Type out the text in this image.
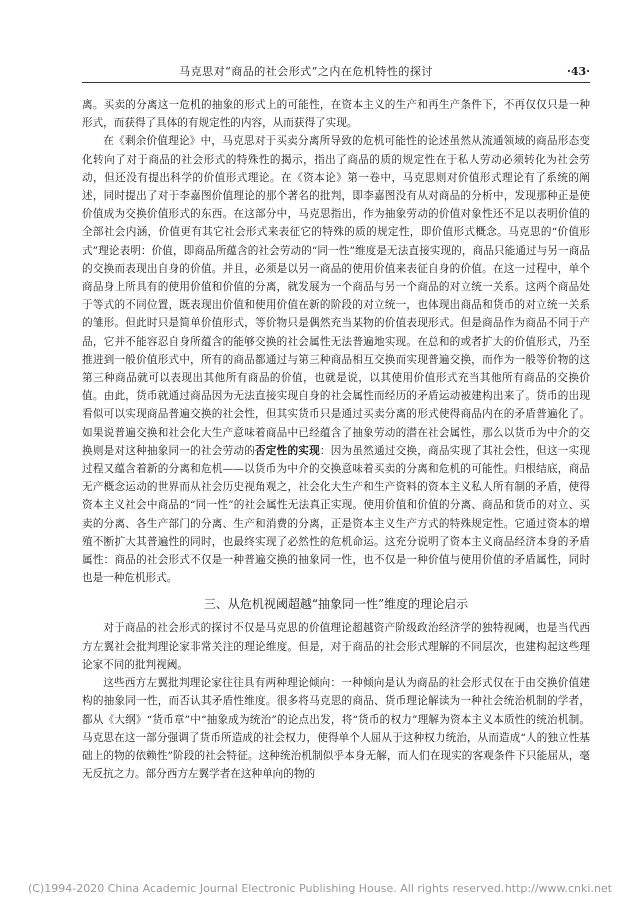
马克思对“商品的社会形式”之内在危机特性的探讨	·43·

离。买卖的分离这一危机的抽象的形式上的可能性，在资本主义的生产和再生产条件下，不再仅仅只是一种形式，而获得了具体的有规定性的内容，从而获得了实现。

在《剩余价值理论》中，马克思对于买卖分离所导致的危机可能性的论述虽然从流通领域的商品形态变化转向了对于商品的社会形式的特殊性的揭示，指出了商品的质的规定性在于私人劳动必须转化为社会劳动，但还没有提出科学的价值形式理论。在《资本论》第一卷中，马克思则对价值形式理论有了系统的阐述，同时提出了对于李嘉图价值理论的那个著名的批判，即李嘉图没有从对商品的分析中，发现那种正是使价值成为交换价值形式的东西。在这部分中，马克思指出，作为抽象劳动的价值对象性还不足以表明价值的全部社会内涵，价值更有其它社会形式来表征它的特殊的质的规定性，即价值形式概念。马克思的“价值形式”理论表明：价值，即商品所蕴含的社会劳动的“同一性”维度是无法直接实现的，商品只能通过与另一商品的交换而表现出自身的价值。并且，必须是以另一商品的使用价值来表征自身的价值。在这一过程中，单个商品身上所具有的使用价值和价值的分离，就发展为一个商品与另一个商品的对立统一关系。这两个商品处于等式的不同位置，既表现出价值和使用价值在新的阶段的对立统一，也体现出商品和货币的对立统一关系的雏形。但此时只是简单价值形式，等价物只是偶然充当某物的价值表现形式。但是商品作为商品不同于产品，它并不能容忍自身所蕴含的能够交换的社会属性无法普遍地实现。在总和的或者扩大的价值形式，乃至推进到一般价值形式中，所有的商品都通过与第三种商品相互交换而实现普遍交换，而作为一般等价物的这第三种商品就可以表现出其他所有商品的价值，也就是说，以其使用价值形式充当其他所有商品的交换价值。由此，货币就通过商品因为无法直接实现自身的社会属性而经历的矛盾运动被建构出来了。货币的出现看似可以实现商品普遍交换的社会性，但其实货币只是通过买卖分离的形式使得商品内在的矛盾普遍化了。如果说普遍交换和社会化大生产意味着商品中已经蕴含了抽象劳动的潜在社会属性，那么以货币为中介的交换则是对这种抽象同一的社会劳动的否定性的实现：因为虽然通过交换，商品实现了其社会性，但这一实现过程又蕴含着新的分离和危机——以货币为中介的交换意味着买卖的分离和危机的可能性。归根结底，商品无产概念运动的世界而从社会历史视角观之，社会化大生产和生产资料的资本主义私人所有制的矛盾，使得资本主义社会中商品的“同一性”的社会属性无法真正实现。使用价值和价值的分离、商品和货币的对立、买卖的分离、各生产部门的分离、生产和消费的分离，正是资本主义生产方式的特殊规定性。它通过资本的增殖不断扩大其普遍性的同时，也最终实现了必然性的危机命运。这充分说明了资本主义商品经济本身的矛盾属性：商品的社会形式不仅是一种普遍交换的抽象同一性，也不仅是一种价值与使用价值的矛盾属性，同时也是一种危机形式。

三、从危机视阈超越“抽象同一性”维度的理论启示

对于商品的社会形式的探讨不仅是马克思的价值理论超越资产阶级政治经济学的独特视阈，也是当代西方左翼社会批判理论家非常关注的理论维度。但是，对于商品的社会形式理解的不同层次，也建构起这些理论家不同的批判视阈。

这些西方左翼批判理论家往往具有两种理论倾向：一种倾向是认为商品的社会形式仅在于由交换价值建构的抽象同一性，而否认其矛盾性维度。很多将马克思的商品、货币理论解读为一种社会统治机制的学者，都从《大纲》“货币章”中“抽象成为统治”的论点出发，将“货币的权力”理解为资本主义本质性的统治机制。马克思在这一部分强调了货币所造成的社会权力，使得单个人屈从于这种权力统治，从而造成“人的独立性基础上的物的依赖性”阶段的社会特征。这种统治机制似乎本身无解，而人们在现实的客观条件下只能屈从，毫无反抗之力。部分西方左翼学者在这种单向的物的

(C)1994-2020 China Academic Journal Electronic Publishing House. All rights reserved. http://www.cnki.net
